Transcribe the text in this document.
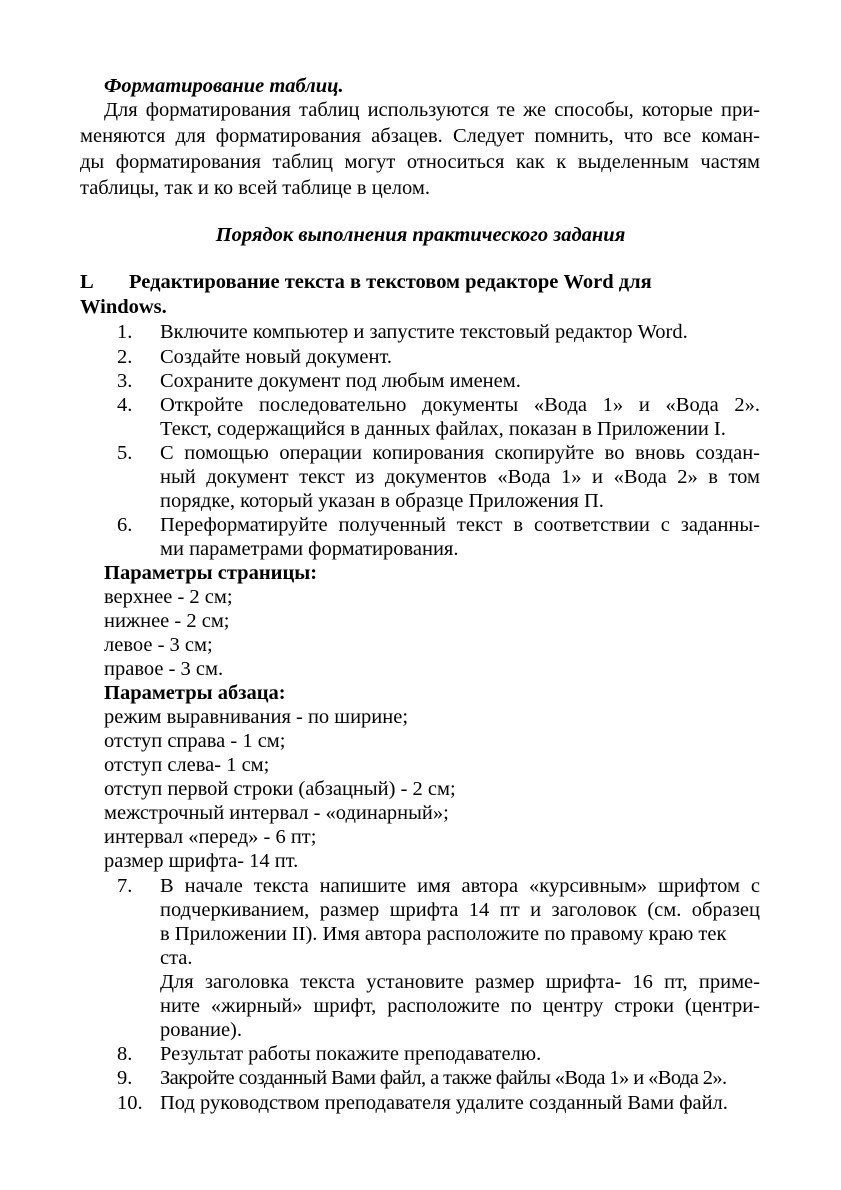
Форматирование таблиц.
Для форматирования таблиц используются те же способы, которые при-
меняются для форматирования абзацев. Следует помнить, что все коман-
ды форматирования таблиц могут относиться как к выделенным частям
таблицы, так и ко всей таблице в целом.
Порядок выполнения практического задания
L Редактирование текста в текстовом редакторе Word для
Windows.
1.	Включите компьютер и запустите текстовый редактор Word.
2.	Создайте новый документ.
3.	Сохраните документ под любым именем.
4.	Откройте последовательно документы «Вода 1» и «Вода 2».
Текст, содержащийся в данных файлах, показан в Приложении I.
5.	С помощью операции копирования скопируйте во вновь создан-
ный документ текст из документов «Вода 1» и «Вода 2» в том
порядке, который указан в образце Приложения П.
6.	Переформатируйте полученный текст в соответствии с заданны-
ми параметрами форматирования.
Параметры страницы:
верхнее - 2 см;
нижнее - 2 см;
левое - 3 см;
правое - 3 см.
Параметры абзаца:
режим выравнивания - по ширине;
отступ справа - 1 см;
отступ слева- 1 см;
отступ первой строки (абзацный) - 2 см;
межстрочный интервал - «одинарный»;
интервал «перед» - 6 пт;
размер шрифта- 14 пт.
7.	В начале текста напишите имя автора «курсивным» шрифтом с
подчеркиванием, размер шрифта 14 пт и заголовок (см. образец
в Приложении II). Имя автора расположите по правому краю тек
ста.
Для заголовка текста установите размер шрифта- 16 пт, приме-
ните «жирный» шрифт, расположите по центру строки (центри-
рование).
8.	Результат работы покажите преподавателю.
9.	Закройте созданный Вами файл, а также файлы «Вода 1» и «Вода 2».
10. Под руководством преподавателя удалите созданный Вами файл.
